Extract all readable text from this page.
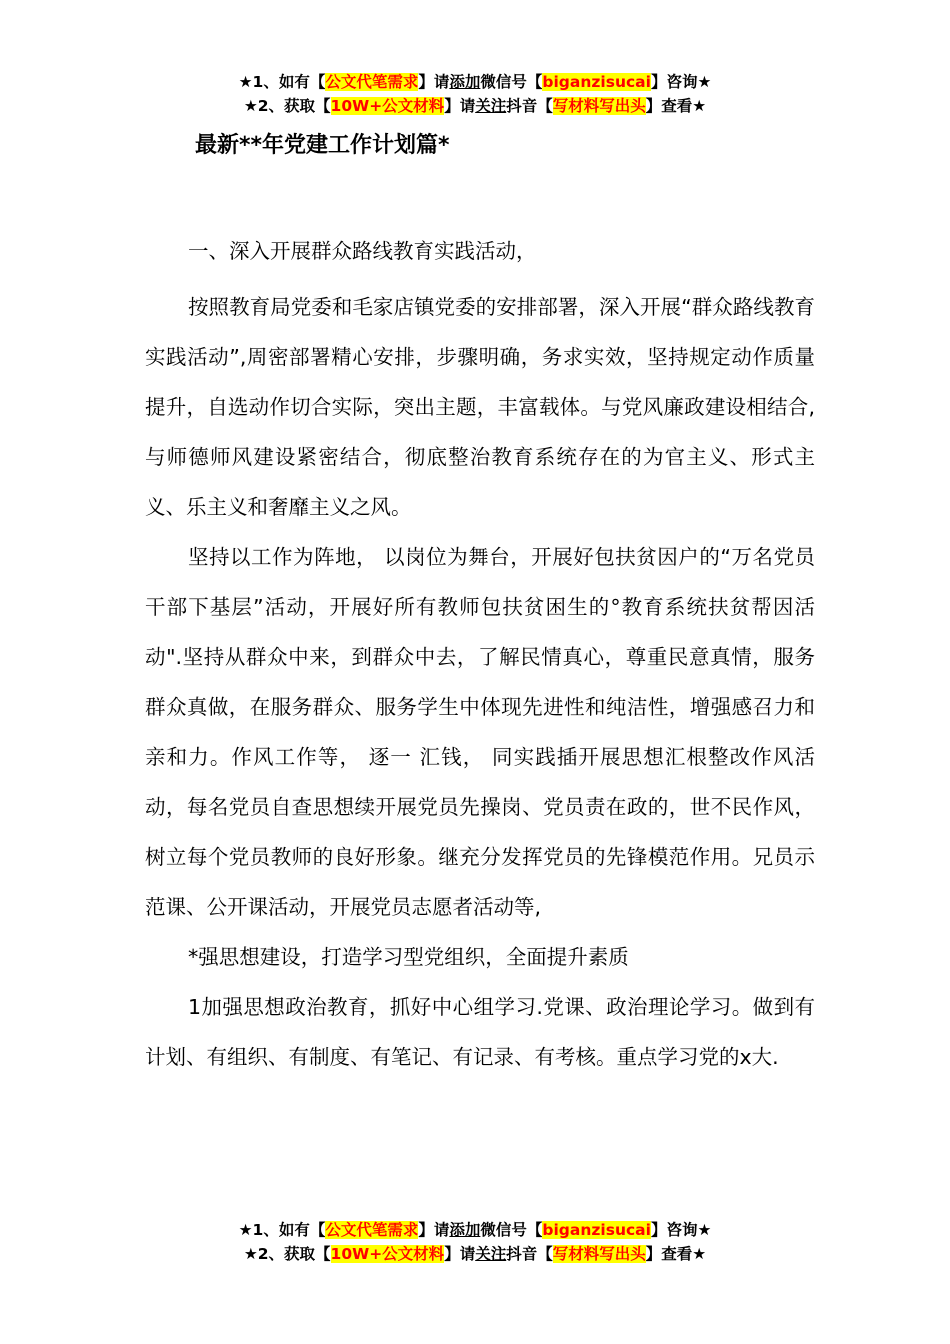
★1、如有【公文代笔需求】请添加微信号【biganzisucai】咨询★
★2、获取【10W+公文材料】请关注抖音【写材料写出头】查看★
最新**年党建工作计划篇*

一、深入开展群众路线教育实践活动，

按照教育局党委和毛家店镇党委的安排部署，深入开展“群众路线教育实践活动”,周密部署精心安排，步骤明确，务求实效，坚持规定动作质量提升，自选动作切合实际，突出主题，丰富载体。与党风廉政建设相结合,与师德师风建设紧密结合，彻底整治教育系统存在的为官主义、形式主义、乐主义和奢靡主义之风。

坚持以工作为阵地， 以岗位为舞台，开展好包扶贫因户的“万名党员干部下基层”活动，开展好所有教师包扶贫困生的°教育系统扶贫帮因活动".坚持从群众中来，到群众中去，了解民情真心，尊重民意真情，服务群众真做，在服务群众、服务学生中体现先进性和纯洁性，增强感召力和亲和力。作风工作等， 逐一 汇钱， 同实践插开展思想汇根整改作风活动，每名党员自查思想续开展党员先操岗、党员责在政的，世不民作风，树立每个党员教师的良好形象。继充分发挥党员的先锋模范作用。兄员示范课、公开课活动，开展党员志愿者活动等,

*强思想建设，打造学习型党组织，全面提升素质

1加强思想政治教育，抓好中心组学习.党课、政治理论学习。做到有计划、有组织、有制度、有笔记、有记录、有考核。重点学习党的x大.

★1、如有【公文代笔需求】请添加微信号【biganzisucai】咨询★
★2、获取【10W+公文材料】请关注抖音【写材料写出头】查看★
